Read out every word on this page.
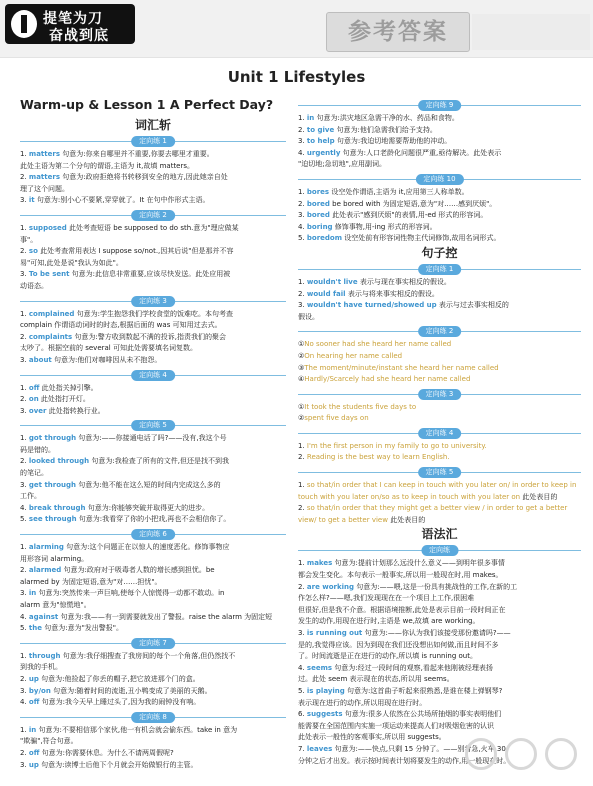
提笔为刀
奋战到底	参考答案
Unit 1 Lifestyles
Warm-up & Lesson 1 A Perfect Day?
词汇斩
定向练 1
1. matters 句意为:你来自哪里并不重要,你要去哪里才重要。
此处主语为第二个分句的谓语,主语为 it,故填 matters。
2. matters 句意为:政府拒绝将书转移到安全的地方,因此她亲自处
理了这个问题。
3. it 句意为:别小心不要紧,穿穿就了。It 在句中作形式主语。
定向练 2
1. supposed 此处考查短语 be supposed to do sth.意为"理应做某
事"。
2. so 此处考查常用表达 I suppose so/not.,因其后说"但是那并不容
易"可知,此处是说"我认为如此"。
3. To be sent 句意为:此信息非常重要,应该尽快发送。此处应用被
动语态。
定向练 3
1. complained 句意为:学生抱怨我们学校食堂的饭难吃。本句考查
complain 作谓语动词时的时态,根据后面的 was 可知用过去式。
2. complaints 句意为:警方收到数起不满的投诉,指责我们的聚会
太吵了。根据空前的 several 可知此处需要填名词复数。
3. about 句意为:他们对咖啡因从未不抱怨。
定向练 4
1. off 此处指关掉引擎。
2. on 此处指打开灯。
3. over 此处指转换行业。
定向练 5
1. got through 句意为:——你接通电话了吗?——没有,我这个号
码是错的。
2. looked through 句意为:我检查了所有的文件,但还是找不到我
的笔记。
3. get through 句意为:他不能在这么短的时间内完成这么多的
工作。
4. break through 句意为:你能够突破并取得更大的进步。
5. see through 句意为:我看穿了你的小把戏,再也不会相信你了。
定向练 6
1. alarming 句意为:这个问题正在以惊人的速度恶化。修饰事物应
用形容词 alarming。
2. alarmed 句意为:政府对于吸毒者人数的增长感到担忧。be
alarmed by 为固定短语,意为"对……担忧"。
3. in 句意为:突然传来一声巨响,使每个人惊慌得一动都不敢动。in
alarm 意为"惊慌地"。
4. against 句意为:我——有一到需要就发出了警报。raise the alarm 为固定短
5. the 句意为:意为"发出警报"。
定向练 7
1. through 句意为:我仔细搜查了我房间的每个一个角落,但仍然找不
到我的手机。
2. up 句意为:他捡起了你丢的帽子,把它放进那个门的盒。
3. by/on 句意为:随着时间的流逝,丑小鸭变成了美丽的天鹅。
4. off 句意为:我今天早上睡过头了,因为我的闹钟没有响。
定向练 8
1. in 句意为:不要相信那个家伙,他一有机会就会偷东西。take in 意为
"欺骗",符合句意。
2. off 句意为:你需要休息。为什么不请两周假呢?
3. up 句意为:读博士后他下个月就会开始做银行的主管。
定向练 9
1. in 句意为:洪灾地区急需干净的水、药品和食物。
2. to give 句意为:他们急需我们给予支持。
3. to help 句意为:我迫切地需要帮助他的冲动。
4. urgently 句意为:人口老龄化问题很严重,亟待解决。此处表示
"迫切地;急切地",应用副词。
定向练 10
1. bores 设空处作谓语,主语为 it,应用第三人称单数。
2. bored be bored with 为固定短语,意为"对……感到厌烦"。
3. bored 此处表示"感到厌烦"的表情,用-ed 形式的形容词。
4. boring 修饰事物,用-ing 形式的形容词。
5. boredom 设空处前有形容词性物主代词修饰,故用名词形式。
句子控
定向练 1
1. wouldn't live 表示与现在事实相反的假设。
2. would fail 表示与将来事实相反的假设。
3. wouldn't have turned/showed up 表示与过去事实相反的
假设。
定向练 2
①No sooner had she heard her name called
②On hearing her name called
③The moment/minute/instant she heard her name called
④Hardly/Scarcely had she heard her name called
定向练 3
①It took the students five days to
②spent five days on
定向练 4
1. I'm the first person in my family to go to university.
2. Reading is the best way to learn English.
定向练 5
1. so that/in order that I can keep in touch with you later on/ in order to keep in
touch with you later on/so as to keep in touch with you later on 此处表目的
2. so that/in order that they might get a better view / in order to get a better
view/ to get a better view 此处表目的
语法汇
定向练
1. makes 句意为:提前计划那么远没什么意义——到明年很多事情
都会发生变化。本句表示一般事实,所以用一般现在时,用 makes。
2. are working 句意为:——喂,这是一份具有挑战性的工作,在新的工
作怎么样?——嗯,我们发现现在在一个项目上工作,很困难
但很好,但是我不介意。根据语境推断,此处是表示目前一段时间正在
发生的动作,用现在进行时,主语是 we,故填 are working。
3. is running out 句意为:——你认为我们该接受那份邀请吗?——
是的,我觉得应该。因为到现在我们还没想出如何做,而且时间不多
了。时间流逝是正在进行的动作,所以填 is running out。
4. seems 句意为:经过一段时间的观察,看起来他刚被经理表扬
过。此处 seem 表示现在的状态,所以用 seems。
5. is playing 句意为:这首曲子听起来很熟悉,是谁在楼上弹钢琴?
表示现在进行的动作,所以用现在进行时。
6. suggests 句意为:很多人依然在公共场所抽烟的事实表明他们
能需要在全国范围内实施一项运动来提高人们对吸烟危害的认识
此处表示一般性的客观事实,所以用 suggests。
7. leaves 句意为:——快点,只剩 15 分钟了。——别着急,火车 30
分钟之后才出发。表示按时间表计划将要发生的动作,用一般现在时。
